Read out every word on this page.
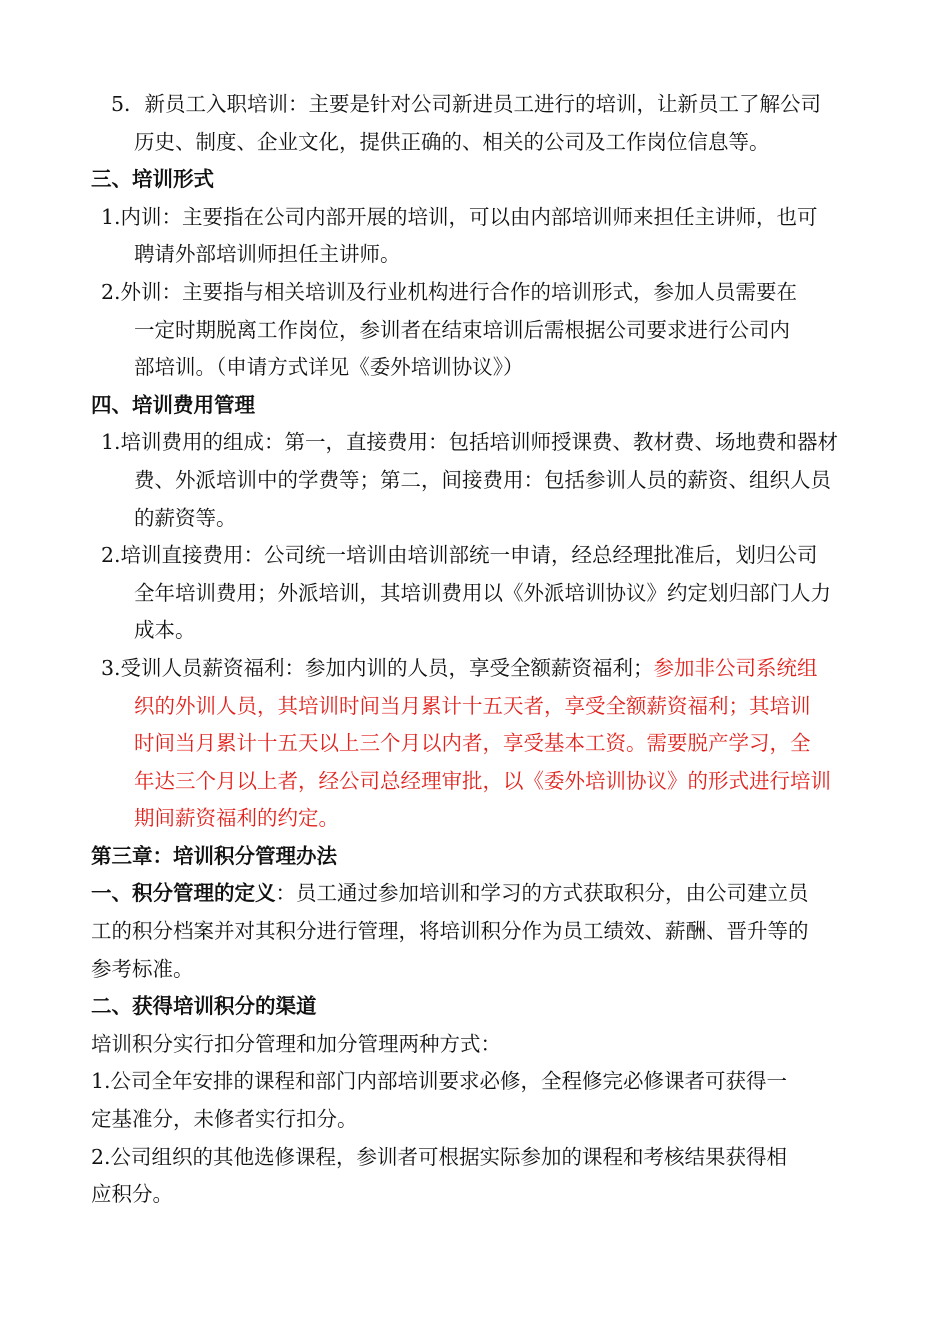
5．新员工入职培训：主要是针对公司新进员工进行的培训，让新员工了解公司
历史、制度、企业文化，提供正确的、相关的公司及工作岗位信息等。
三、培训形式
1.内训：主要指在公司内部开展的培训，可以由内部培训师来担任主讲师，也可
聘请外部培训师担任主讲师。
2.外训：主要指与相关培训及行业机构进行合作的培训形式，参加人员需要在
一定时期脱离工作岗位，参训者在结束培训后需根据公司要求进行公司内
部培训。（申请方式详见《委外培训协议》）
四、培训费用管理
1.培训费用的组成：第一，直接费用：包括培训师授课费、教材费、场地费和器材
费、外派培训中的学费等；第二，间接费用：包括参训人员的薪资、组织人员
的薪资等。
2.培训直接费用：公司统一培训由培训部统一申请，经总经理批准后，划归公司
全年培训费用；外派培训，其培训费用以《外派培训协议》约定划归部门人力
成本。
3.受训人员薪资福利：参加内训的人员，享受全额薪资福利；参加非公司系统组
织的外训人员，其培训时间当月累计十五天者，享受全额薪资福利；其培训
时间当月累计十五天以上三个月以内者，享受基本工资。需要脱产学习，全
年达三个月以上者，经公司总经理审批，以《委外培训协议》的形式进行培训
期间薪资福利的约定。
第三章：培训积分管理办法
一、积分管理的定义：员工通过参加培训和学习的方式获取积分，由公司建立员
工的积分档案并对其积分进行管理，将培训积分作为员工绩效、薪酬、晋升等的
参考标准。
二、获得培训积分的渠道
培训积分实行扣分管理和加分管理两种方式：
1.公司全年安排的课程和部门内部培训要求必修，全程修完必修课者可获得一
定基准分，未修者实行扣分。
2.公司组织的其他选修课程，参训者可根据实际参加的课程和考核结果获得相
应积分。
